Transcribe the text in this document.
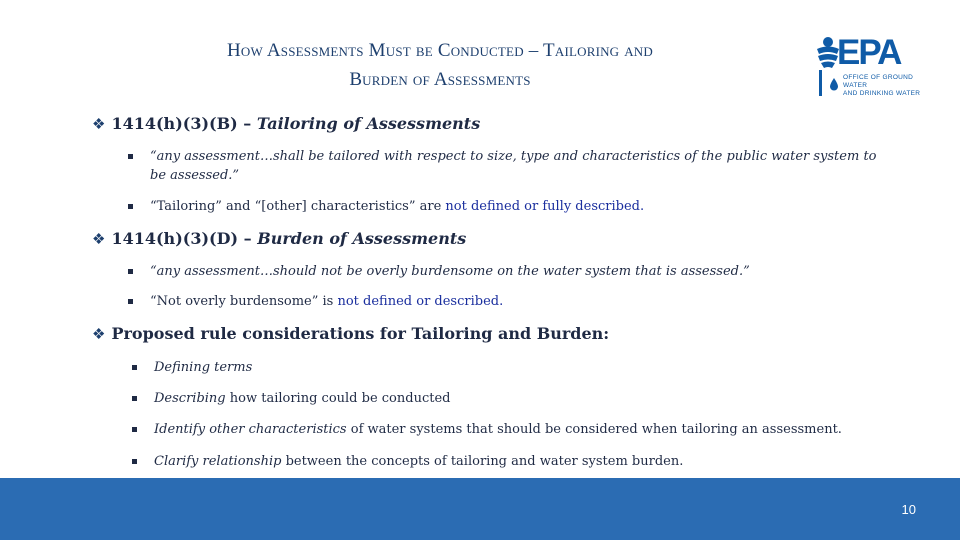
How Assessments Must be Conducted – Tailoring and
Burden of Assessments
EPA
OFFICE OF GROUND WATER
AND DRINKING WATER
❖ 1414(h)(3)(B) – Tailoring of Assessments
“any assessment…shall be tailored with respect to size, type and characteristics of the public water system to
be assessed.”
“Tailoring” and “[other] characteristics” are not defined or fully described.
❖ 1414(h)(3)(D) – Burden of Assessments
“any assessment…should not be overly burdensome on the water system that is assessed.”
“Not overly burdensome” is not defined or described.
❖ Proposed rule considerations for Tailoring and Burden:
Defining terms
Describing how tailoring could be conducted
Identify other characteristics of water systems that should be considered when tailoring an assessment.
Clarify relationship between the concepts of tailoring and water system burden.
10
